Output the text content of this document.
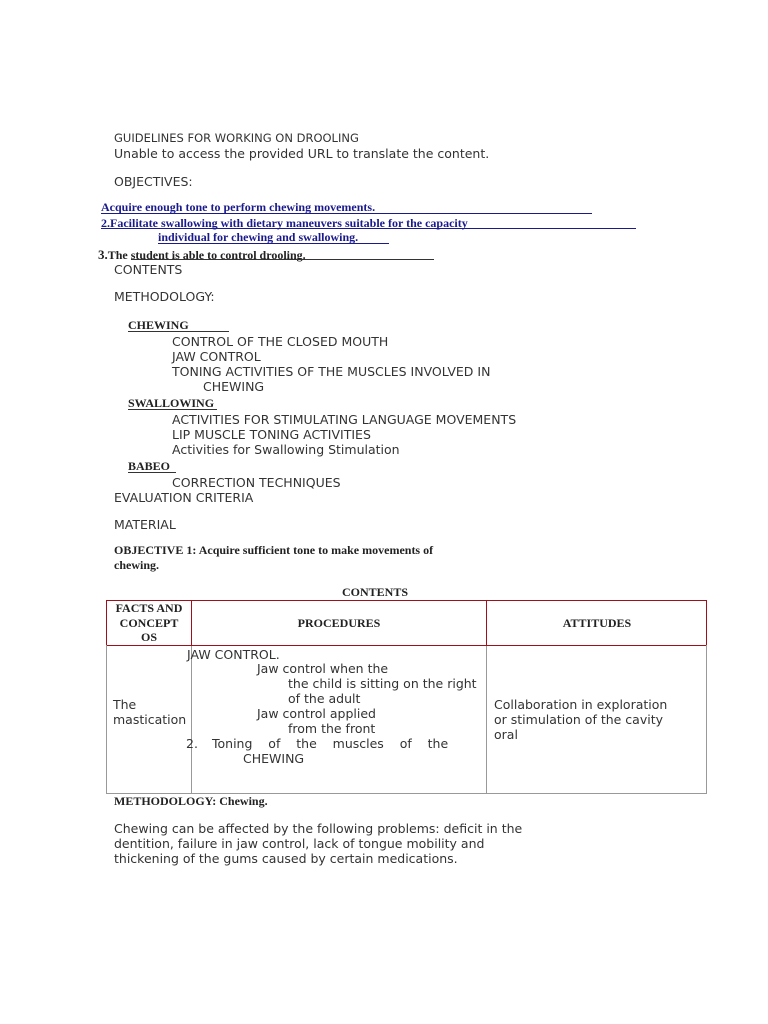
GUIDELINES FOR WORKING ON DROOLING
Unable to access the provided URL to translate the content.
OBJECTIVES:
Acquire enough tone to perform chewing movements.
2.Facilitate swallowing with dietary maneuvers suitable for the capacity
individual for chewing and swallowing.
3.The student is able to control drooling.
CONTENTS
METHODOLOGY:
CHEWING
CONTROL OF THE CLOSED MOUTH
JAW CONTROL
TONING ACTIVITIES OF THE MUSCLES INVOLVED IN
CHEWING
SWALLOWING
ACTIVITIES FOR STIMULATING LANGUAGE MOVEMENTS
LIP MUSCLE TONING ACTIVITIES
Activities for Swallowing Stimulation
BABEO
CORRECTION TECHNIQUES
EVALUATION CRITERIA
MATERIAL
OBJECTIVE 1: Acquire sufficient tone to make movements of
chewing.
CONTENTS
FACTS AND
CONCEPT
OS
PROCEDURES	ATTITUDES
The
mastication
JAW CONTROL.
Jaw control when the
the child is sitting on the right
of the adult
Jaw control applied
from the front
2. Toning    of    the    muscles    of    the
CHEWING
Collaboration in exploration
or stimulation of the cavity
oral
METHODOLOGY: Chewing.
Chewing can be affected by the following problems: deficit in the
dentition, failure in jaw control, lack of tongue mobility and
thickening of the gums caused by certain medications.
